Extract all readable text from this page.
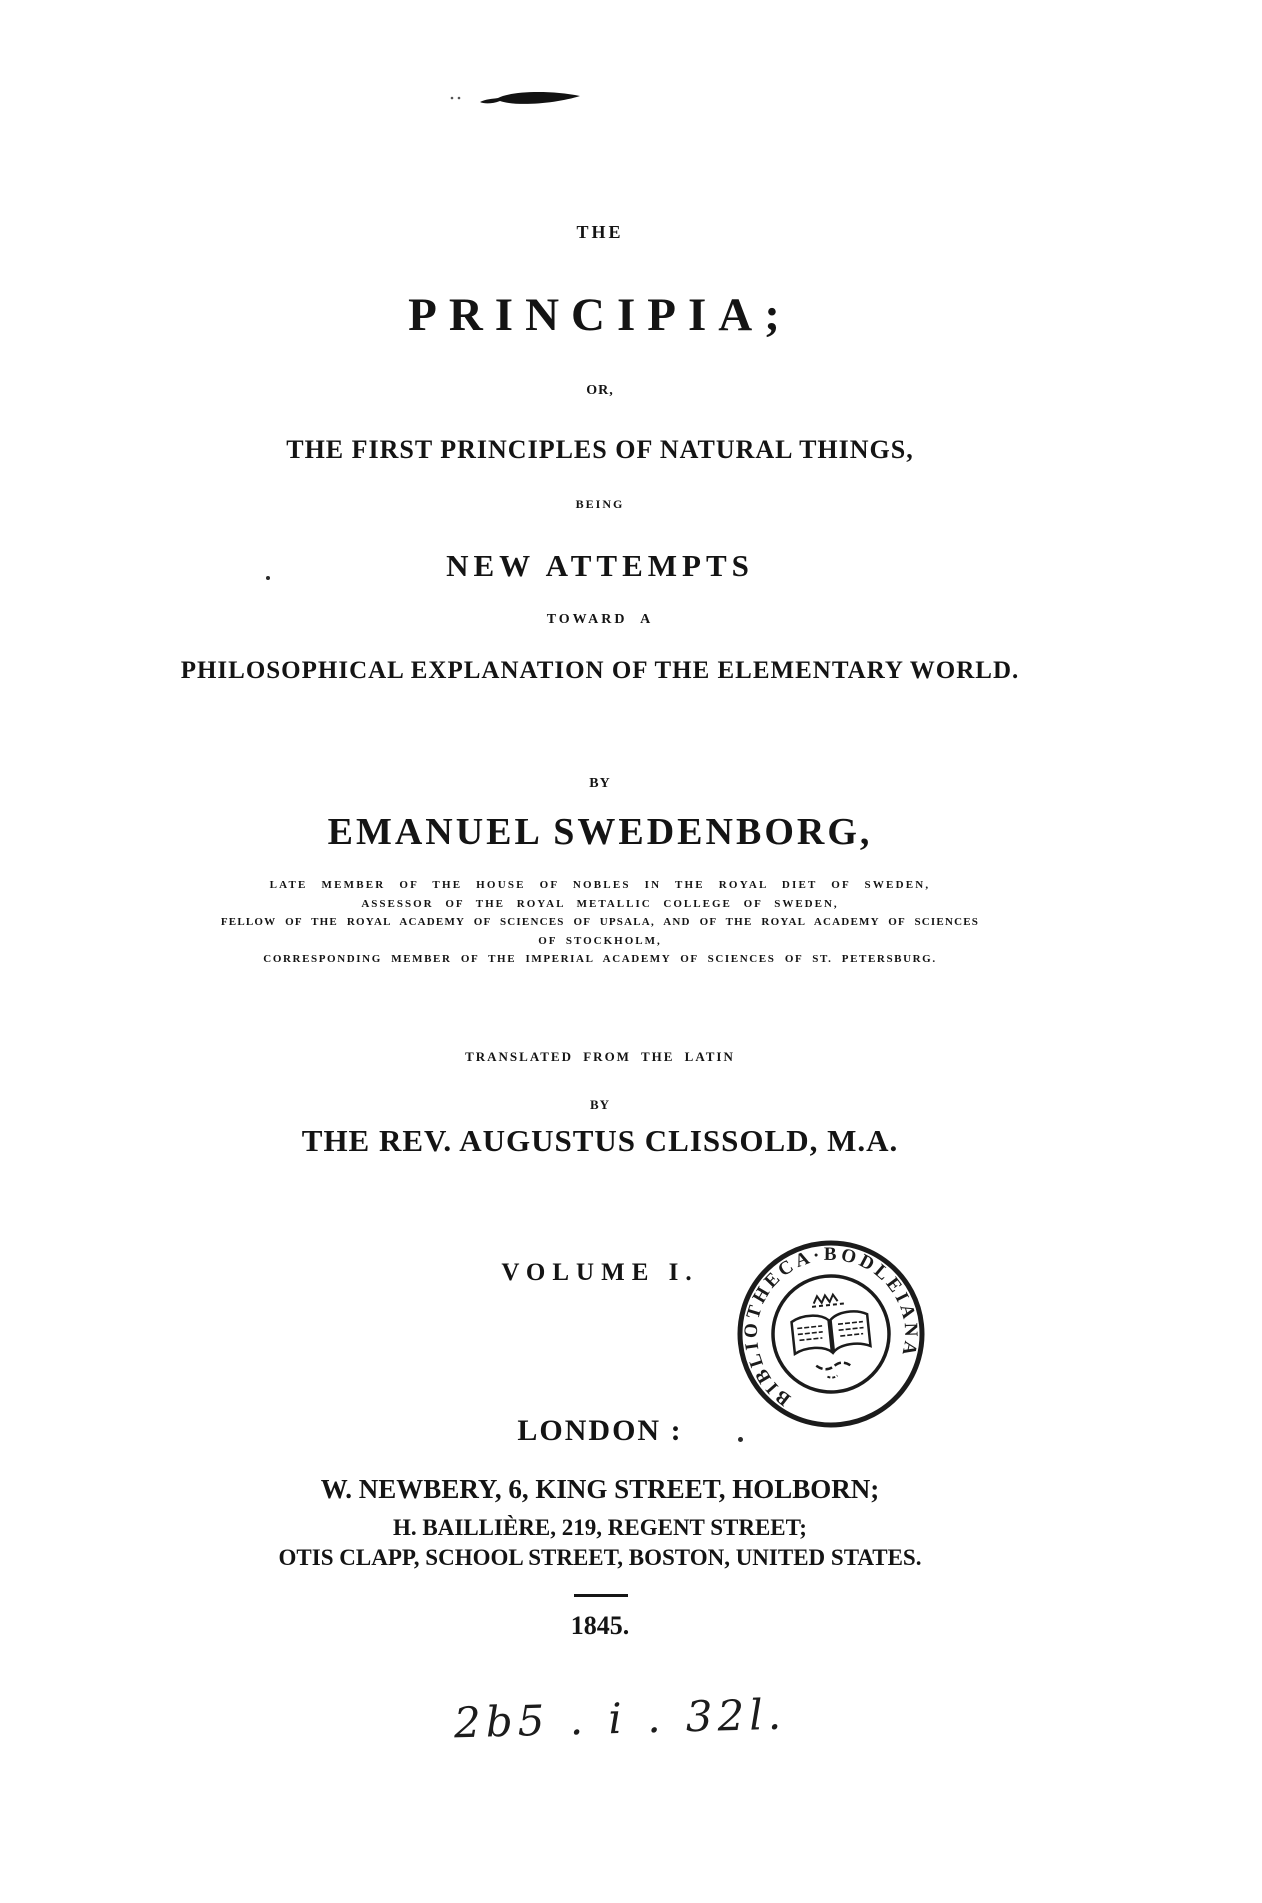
THE
PRINCIPIA;
OR,
THE FIRST PRINCIPLES OF NATURAL THINGS,
BEING
NEW ATTEMPTS
TOWARD A
PHILOSOPHICAL EXPLANATION OF THE ELEMENTARY WORLD.
BY
EMANUEL SWEDENBORG,
LATE MEMBER OF THE HOUSE OF NOBLES IN THE ROYAL DIET OF SWEDEN,
ASSESSOR OF THE ROYAL METALLIC COLLEGE OF SWEDEN,
FELLOW OF THE ROYAL ACADEMY OF SCIENCES OF UPSALA, AND OF THE ROYAL ACADEMY OF SCIENCES
OF STOCKHOLM,
CORRESPONDING MEMBER OF THE IMPERIAL ACADEMY OF SCIENCES OF ST. PETERSBURG.
TRANSLATED FROM THE LATIN
BY
THE REV. AUGUSTUS CLISSOLD, M.A.
VOLUME I.
BIBLIOTHECA·BODLEIANA
LONDON :
W. NEWBERY, 6, KING STREET, HOLBORN;
H. BAILLIÈRE, 219, REGENT STREET;
OTIS CLAPP, SCHOOL STREET, BOSTON, UNITED STATES.
1845.
2b5 . i . 32l.
